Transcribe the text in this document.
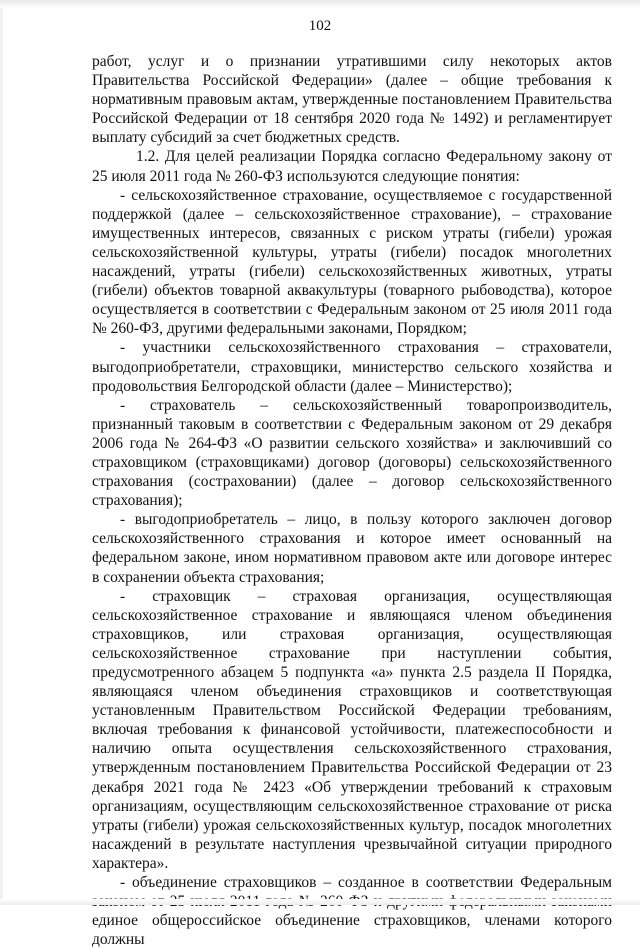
102

работ, услуг и о признании утратившими силу некоторых актов Правительства Российской Федерации» (далее – общие требования к нормативным правовым актам, утвержденные постановлением Правительства Российской Федерации от 18 сентября 2020 года № 1492) и регламентирует выплату субсидий за счет бюджетных средств.

1.2. Для целей реализации Порядка согласно Федеральному закону от 25 июля 2011 года № 260-ФЗ используются следующие понятия:

- сельскохозяйственное страхование, осуществляемое с государственной поддержкой (далее – сельскохозяйственное страхование), – страхование имущественных интересов, связанных с риском утраты (гибели) урожая сельскохозяйственной культуры, утраты (гибели) посадок многолетних насаждений, утраты (гибели) сельскохозяйственных животных, утраты (гибели) объектов товарной аквакультуры (товарного рыбоводства), которое осуществляется в соответствии с Федеральным законом от 25 июля 2011 года № 260-ФЗ, другими федеральными законами, Порядком;

- участники сельскохозяйственного страхования – страхователи, выгодоприобретатели, страховщики, министерство сельского хозяйства и продовольствия Белгородской области (далее – Министерство);

- страхователь – сельскохозяйственный товаропроизводитель, признанный таковым в соответствии с Федеральным законом от 29 декабря 2006 года № 264-ФЗ «О развитии сельского хозяйства» и заключивший со страховщиком (страховщиками) договор (договоры) сельскохозяйственного страхования (состраховании) (далее – договор сельскохозяйственного страхования);

- выгодоприобретатель – лицо, в пользу которого заключен договор сельскохозяйственного страхования и которое имеет основанный на федеральном законе, ином нормативном правовом акте или договоре интерес в сохранении объекта страхования;

- страховщик – страховая организация, осуществляющая сельскохозяйственное страхование и являющаяся членом объединения страховщиков, или страховая организация, осуществляющая сельскохозяйственное страхование при наступлении события, предусмотренного абзацем 5 подпункта «а» пункта 2.5 раздела II Порядка, являющаяся членом объединения страховщиков и соответствующая установленным Правительством Российской Федерации требованиям, включая требования к финансовой устойчивости, платежеспособности и наличию опыта осуществления сельскохозяйственного страхования, утвержденным постановлением Правительства Российской Федерации от 23 декабря 2021 года № 2423 «Об утверждении требований к страховым организациям, осуществляющим сельскохозяйственное страхование от риска утраты (гибели) урожая сельскохозяйственных культур, посадок многолетних насаждений в результате наступления чрезвычайной ситуации природного характера».

- объединение страховщиков – созданное в соответствии Федеральным единое общероссийское объединение страховщиков, членами которого должны
